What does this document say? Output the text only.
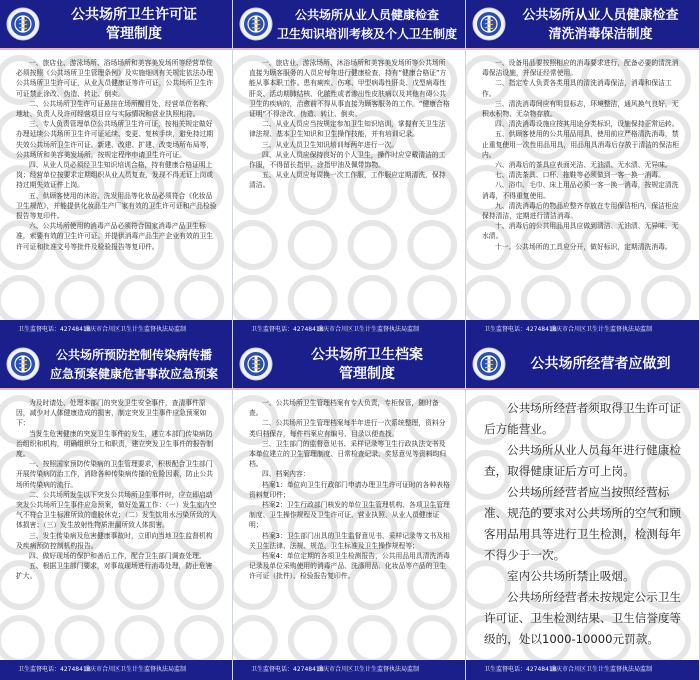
公共场所卫生许可证
管理制度

一、旅店业、游泳场所、浴场场所和美容美发场所等经营单位必须按照《公共场所卫生管理条例》及实施细则有关规定依法办理公共场所卫生许可证，从业人员健康证等许可证，公共场所卫生许可证禁止涂改、伪造、转让、倒卖。

二、公共场所卫生许可证悬挂在场所醒目处，经营单位名称、地址、负责人及许可经营项目应与实际情况和营业执照相符。

三、专人负责管理单位公共场所卫生许可证，按相关规定做好办理延续公共场所卫生许可证延续、变更、复核手续，避免持过期失效公共场所卫生许可证。新建、改建、扩建、改变场所布局等，公共场所和美容美发场所，按规定程序申请卫生许可证。

四、从业人员必须经卫生知识培训合格，持有健康合格证明上岗；经营单位按要求定期组织从业人员复查，发现不得无证上岗或持过期失效证件上岗。

五、供顾客使用的沐浴、洗发用品等化妆品必须符合《化妆品卫生规范》，并能提供化妆品生产厂家有效的卫生许可证和产品检验报告等复印件。

六、公共场所使用的消毒产品必须符合国家消毒产品卫生标准，索要有效的卫生许可证。并提供消毒产品生产企业有效的卫生许可证和批准文号等批件及检验报告等复印件。

卫生监督电话：42748418
重庆市合川区卫生计生监督执法局监制
公共场所从业人员健康检查
卫生知识培训考核及个人卫生制度

一、旅店业、游泳场所、沐浴场所和美容美发场所等公共场所直接为顾客服务的人员应每年进行健康检查，持有“健康合格证”方能从事本职工作。患有痢疾、伤寒、甲型病毒性肝炎、戊型病毒性肝炎、活动期肺结核、化脓性或者渗出性皮肤病以及其他有碍公共卫生的疾病的，治愈前不得从事直接为顾客服务的工作。“健康合格证明”不得涂改、伪造、转让、倒卖。

二、从业人员应当按规定参加卫生知识培训，掌握有关卫生法律法规、基本卫生知识和卫生操作技能，并有培训记录。

三、从业人员卫生知识培训每两年进行一次。

四、从业人员应保持良好的个人卫生，操作时应穿戴清洁的工作服，不得留长指甲、涂指甲油及佩带饰物。

五、从业人员应每周换一次工作服，工作服应定期清洗，保持清洁。

卫生监督电话：42748418
重庆市合川区卫生计生监督执法局监制
公共场所从业人员健康检查
清洗消毒保洁制度

一、设备用品要按照相应的消毒要求进行，配备必要的清洗消毒保洁设施，并保证经常使用。

二、指定专人负责各类用具的清洗消毒保洁，消毒和保洁工作。

三、清洗消毒间应有明显标志，环境整洁，通风换气良好，无积水积物、无杂物存放。

四、清洗消毒设施应按其用途分类标识，设施保持正常运转。

五、供顾客使用的公共用品用具，使用前应严格清洗消毒，禁止重复使用一次性用品用具，用品用具消毒后存放于清洁的保洁柜内。

六、消毒后的茶具应表面光洁、无油渍、无水渍、无异味。

七、清洗茶具、口杯、拖鞋等必须做到一客一换一消毒。

八、浴巾、毛巾、床上用品必须一客一换一消毒，按规定清洗消毒，不得重复使用。

九、清洗消毒后的物品应整齐存放在专用保洁柜内，保洁柜应保持清洁，定期进行清洁消毒。

十、消毒后的公共用品用具应做到清洁、无油渍、无异味、无水渍。

十一、公共场所的工具应分开，做好标识，定期清洗消毒。

卫生监督电话：42748418
重庆市合川区卫生计生监督执法局监制
公共场所预防控制传染病传播
应急预案健康危害事故应急预案

为及时请处、处理本部门的突发卫生安全事件，查清事件原因，减少对人体健康造成的损害，制定突发卫生事件应急预案如下：

当发生危害健康的突发卫生事件的发生，建立本部门传染病防治组织和机构，明确组织分工和职责，建立突发卫生事件的报告制度。

一、按照国家预防传染病的卫生管理要求，积极配合卫生部门开展传染病防治工作，消除各种传染病传播的危险因素，防止公共场所传染病的流行。

二、公共场所发生以下突发公共场所卫生事件时，应立即启动突发公共场所卫生事件应急预案，做好处置工作：（一）发生室内空气不符合卫生标准所致的虚脱休克；（二）发生饮用水污染所致的人体损害；（三）发生放射性物质泄漏所致人体损害。

三、发生传染病及危害健康事故时，立即向当地卫生监督机构及疾病预防控制机构报告。

四、做好现场的保护和善后工作，配合卫生部门调查处理。

五、根据卫生部门要求，对事故现场进行消毒处理，防止危害扩大。

卫生监督电话：42748418
重庆市合川区卫生计生监督执法局监制
公共场所卫生档案
管理制度

一、公共场所卫生管理档案有专人负责，专柜保管，随时备查。

二、公共场所卫生管理档案每半年进行一次系统整理，资料分类归档保存，每件档案应有编号、目录以便查找。

三、卫生部门的监督意见书、采样记录等卫生行政执法文书及本单位建立的卫生管理制度、日常检查记录、奖惩意见等资料均归档。

四、档案内容：

档案1：单位向卫生行政部门申请办理卫生许可证时的各种表格资料复印件；

档案2：卫生行政部门核发的单位卫生管理机构、各项卫生管理制度、卫生操作规程及卫生许可证、营业执照、从业人员健康证明；

档案3：卫生部门出具的卫生监督意见书、采样记录等文书及相关卫生法律、法规、规范、卫生标准及卫生操作规程等；

档案4：单位定期的各项卫生检测报告，公共用品用具清洗消毒记录及单位采购使用的消毒产品、洗涤用品、化妆品等产品的卫生许可证（批件）、检验报告复印件。

卫生监督电话：42748418
重庆市合川区卫生计生监督执法局监制
公共场所经营者应做到

公共场所经营者须取得卫生许可证后方能营业。

公共场所从业人员每年进行健康检查，取得健康证后方可上岗。

公共场所经营者应当按照经营标准、规范的要求对公共场所的空气和顾客用品用具等进行卫生检测，检测每年不得少于一次。

室内公共场所禁止吸烟。

公共场所经营者未按规定公示卫生许可证、卫生检测结果、卫生信誉度等级的，处以1000-10000元罚款。

卫生监督电话：42748418
重庆市合川区卫生计生监督执法局监制
